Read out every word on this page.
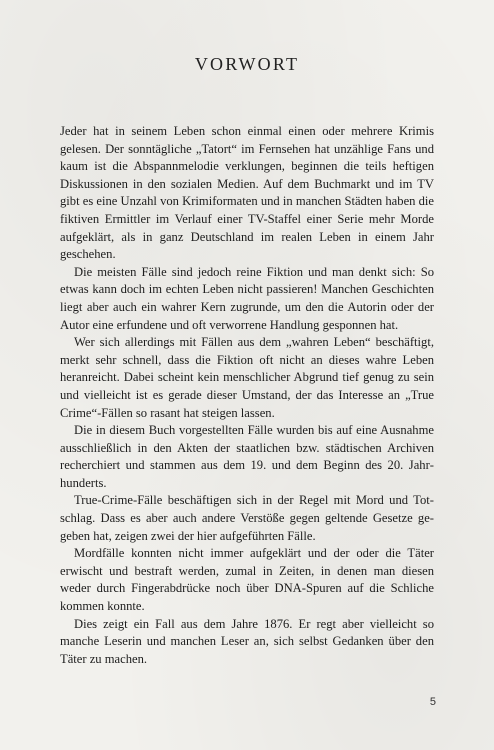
VORWORT

Jeder hat in seinem Leben schon einmal einen oder mehrere Krimis gelesen. Der sonntägliche „Tatort“ im Fernsehen hat unzählige Fans und kaum ist die Abspannmelodie verklungen, beginnen die teils heftigen Diskussionen in den sozialen Medien. Auf dem Buchmarkt und im TV gibt es eine Unzahl von Krimiformaten und in manchen Städten haben die fiktiven Ermittler im Verlauf einer TV-Staffel einer Serie mehr Morde aufgeklärt, als in ganz Deutschland im realen Leben in einem Jahr geschehen.

Die meisten Fälle sind jedoch reine Fiktion und man denkt sich: So etwas kann doch im echten Leben nicht passieren! Manchen Geschichten liegt aber auch ein wahrer Kern zugrunde, um den die Autorin oder der Autor eine erfundene und oft verworrene Handlung gesponnen hat.

Wer sich allerdings mit Fällen aus dem „wahren Leben“ beschäftigt, merkt sehr schnell, dass die Fiktion oft nicht an dieses wahre Leben heranreicht. Dabei scheint kein menschlicher Abgrund tief genug zu sein und vielleicht ist es gerade dieser Umstand, der das Interesse an „True Crime“-Fällen so rasant hat steigen lassen.

Die in diesem Buch vorgestellten Fälle wurden bis auf eine Ausnahme ausschließlich in den Akten der staatlichen bzw. städtischen Archiven recherchiert und stammen aus dem 19. und dem Beginn des 20. Jahrhunderts.

True-Crime-Fälle beschäftigen sich in der Regel mit Mord und Totschlag. Dass es aber auch andere Verstöße gegen geltende Gesetze gegeben hat, zeigen zwei der hier aufgeführten Fälle.

Mordfälle konnten nicht immer aufgeklärt und der oder die Täter erwischt und bestraft werden, zumal in Zeiten, in denen man diesen weder durch Fingerabdrücke noch über DNA-Spuren auf die Schliche kommen konnte.

Dies zeigt ein Fall aus dem Jahre 1876. Er regt aber vielleicht so manche Leserin und manchen Leser an, sich selbst Gedanken über den Täter zu machen.

5
